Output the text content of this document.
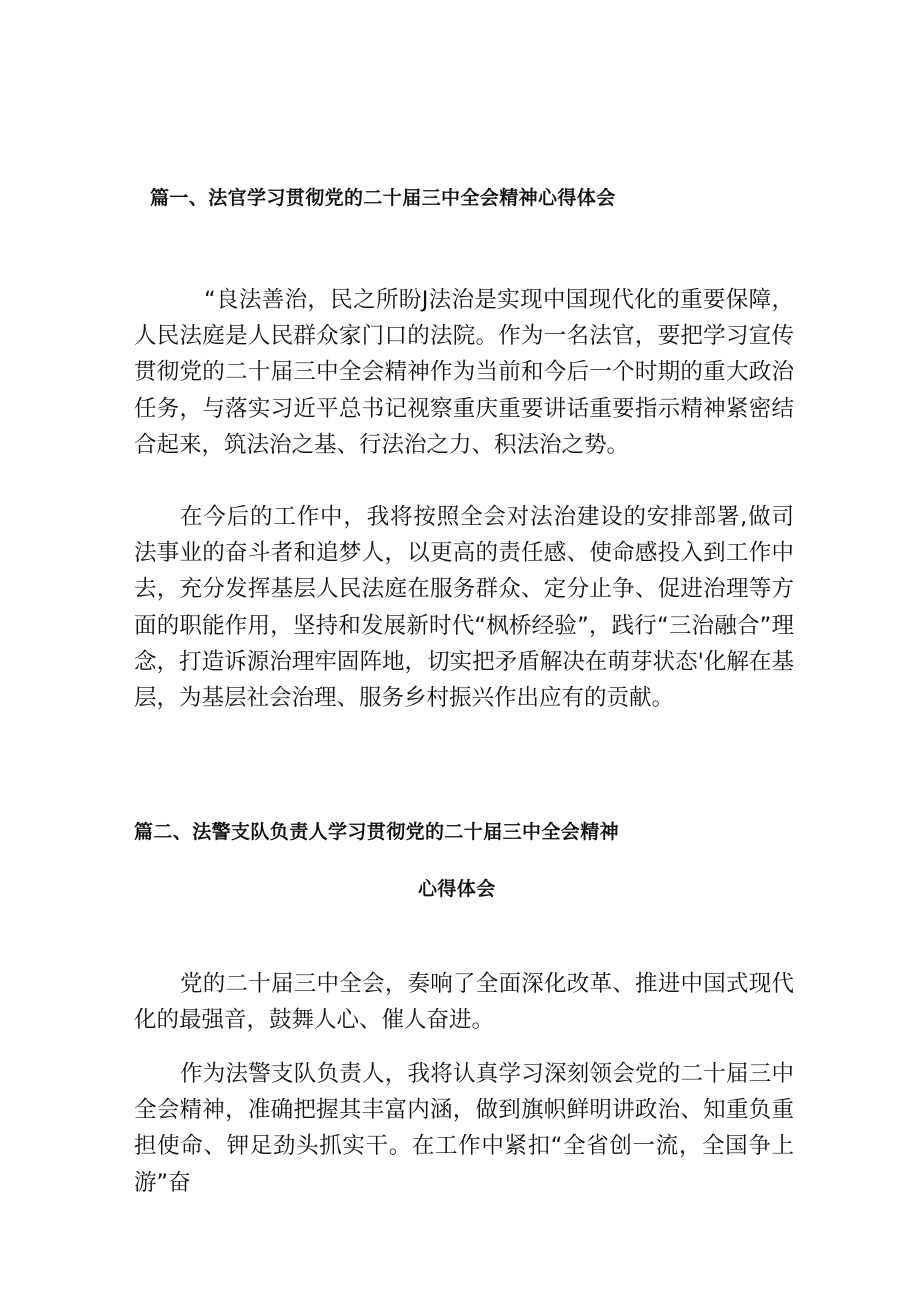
篇一、法官学习贯彻党的二十届三中全会精神心得体会

“良法善治，民之所盼J法治是实现中国现代化的重要保障，人民法庭是人民群众家门口的法院。作为一名法官，要把学习宣传贯彻党的二十届三中全会精神作为当前和今后一个时期的重大政治任务，与落实习近平总书记视察重庆重要讲话重要指示精神紧密结合起来，筑法治之基、行法治之力、积法治之势。

在今后的工作中，我将按照全会对法治建设的安排部署,做司法事业的奋斗者和追梦人，以更高的责任感、使命感投入到工作中去，充分发挥基层人民法庭在服务群众、定分止争、促进治理等方面的职能作用，坚持和发展新时代“枫桥经验”，践行“三治融合”理念，打造诉源治理牢固阵地，切实把矛盾解决在萌芽状态'化解在基层，为基层社会治理、服务乡村振兴作出应有的贡献。

篇二、法警支队负责人学习贯彻党的二十届三中全会精神
心得体会

党的二十届三中全会，奏响了全面深化改革、推进中国式现代化的最强音，鼓舞人心、催人奋进。

作为法警支队负责人，我将认真学习深刻领会党的二十届三中全会精神，准确把握其丰富内涵，做到旗帜鲜明讲政治、知重负重担使命、钾足劲头抓实干。在工作中紧扣“全省创一流，全国争上游”奋
